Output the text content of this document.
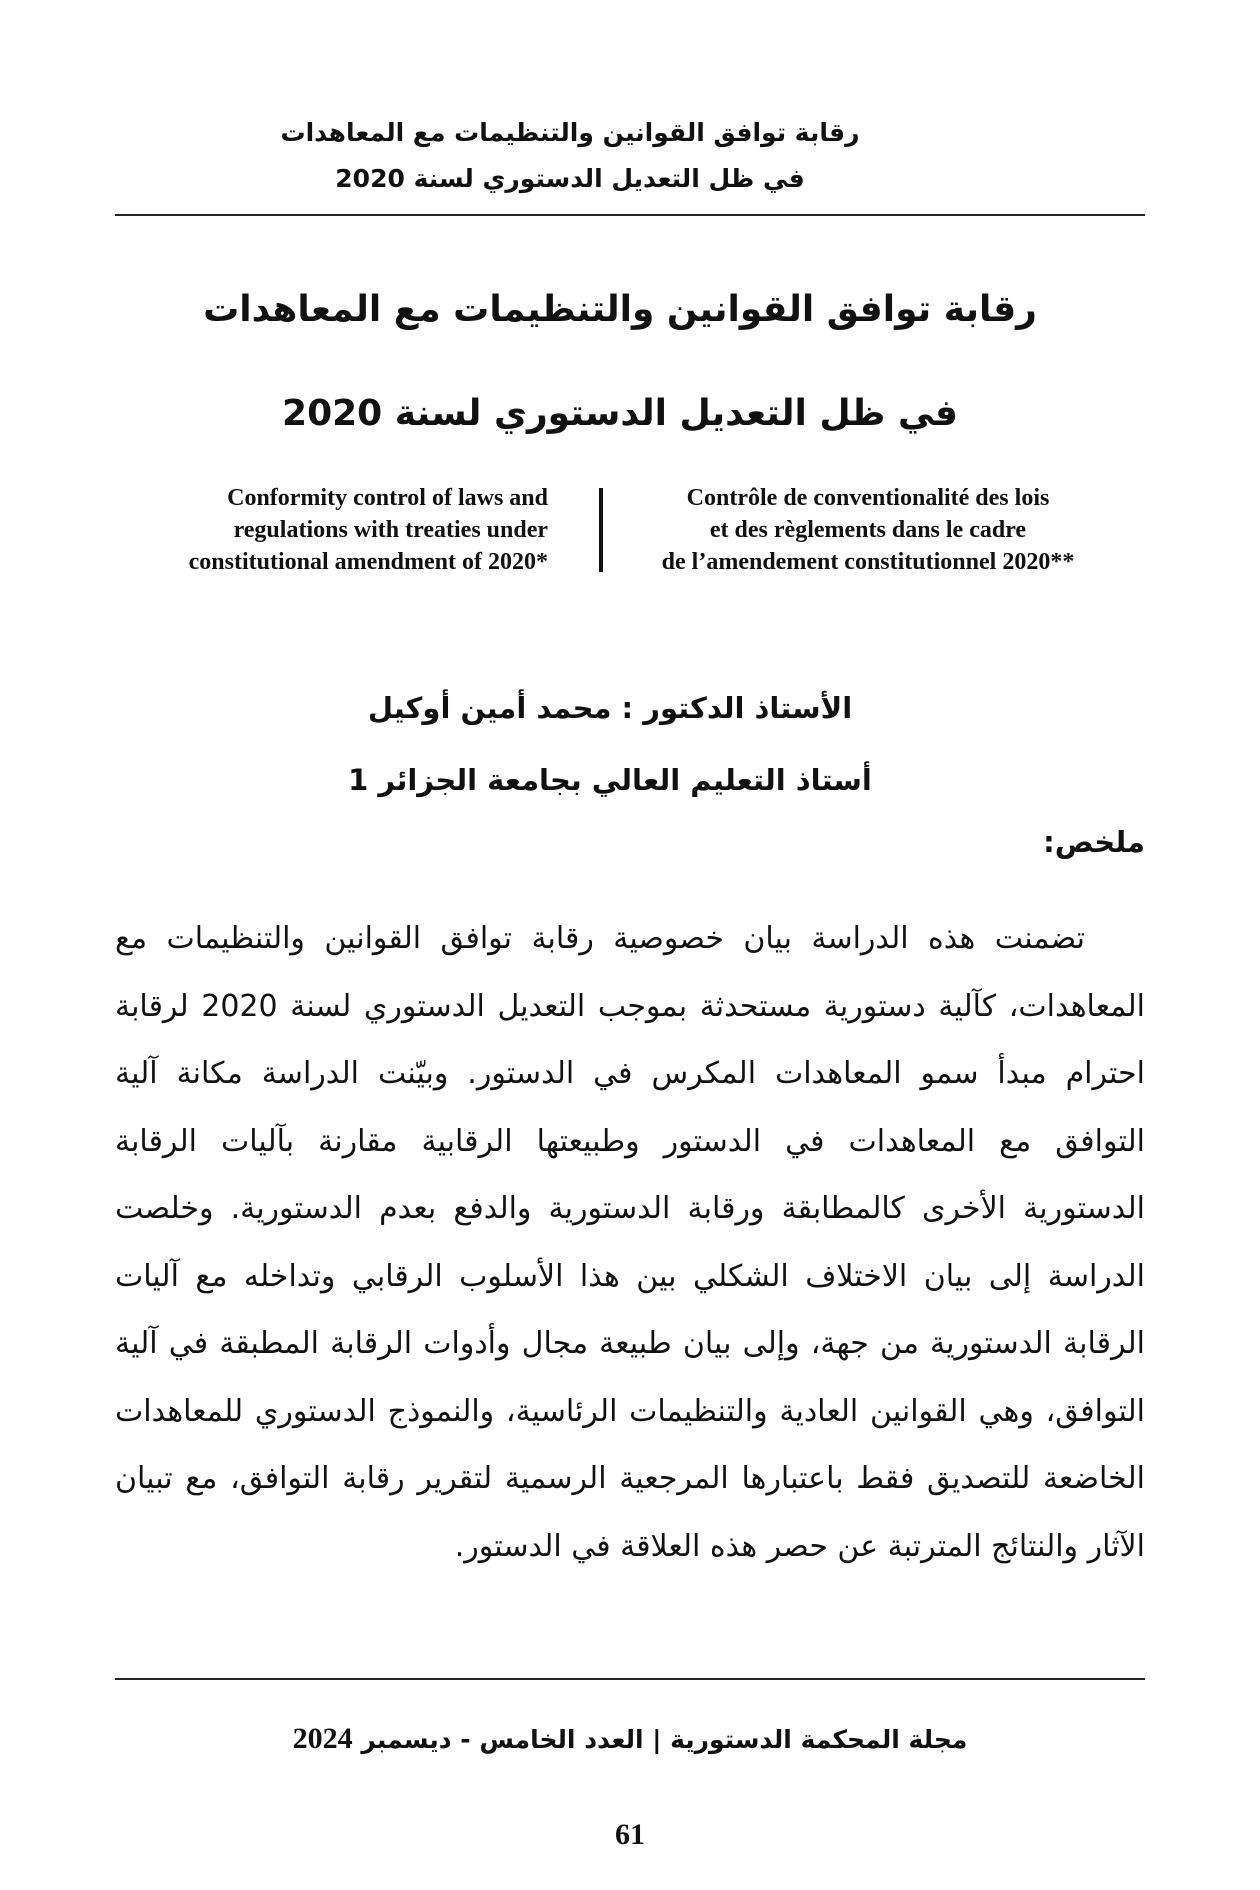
رقابة توافق القوانين والتنظيمات مع المعاهدات
في ظل التعديل الدستوري لسنة 2020
رقابة توافق القوانين والتنظيمات مع المعاهدات
في ظل التعديل الدستوري لسنة 2020
Conformity control of laws and
regulations with treaties under
constitutional amendment of 2020*
Contrôle de conventionalité des lois
et des règlements dans le cadre
de l’amendement constitutionnel 2020**
الأستاذ الدكتور : محمد أمين أوكيل
أستاذ التعليم العالي بجامعة الجزائر 1
ملخص:
تضمنت هذه الدراسة بيان خصوصية رقابة توافق القوانين والتنظيمات مع المعاهدات، كآلية دستورية مستحدثة بموجب التعديل الدستوري لسنة 2020 لرقابة احترام مبدأ سمو المعاهدات المكرس في الدستور. وبيّنت الدراسة مكانة آلية التوافق مع المعاهدات في الدستور وطبيعتها الرقابية مقارنة بآليات الرقابة الدستورية الأخرى كالمطابقة ورقابة الدستورية والدفع بعدم الدستورية. وخلصت الدراسة إلى بيان الاختلاف الشكلي بين هذا الأسلوب الرقابي وتداخله مع آليات الرقابة الدستورية من جهة، وإلى بيان طبيعة مجال وأدوات الرقابة المطبقة في آلية التوافق، وهي القوانين العادية والتنظيمات الرئاسية، والنموذج الدستوري للمعاهدات الخاضعة للتصديق فقط باعتبارها المرجعية الرسمية لتقرير رقابة التوافق، مع تبيان الآثار والنتائج المترتبة عن حصر هذه العلاقة في الدستور.
مجلة المحكمة الدستورية | العدد الخامس - ديسمبر 2024
61
